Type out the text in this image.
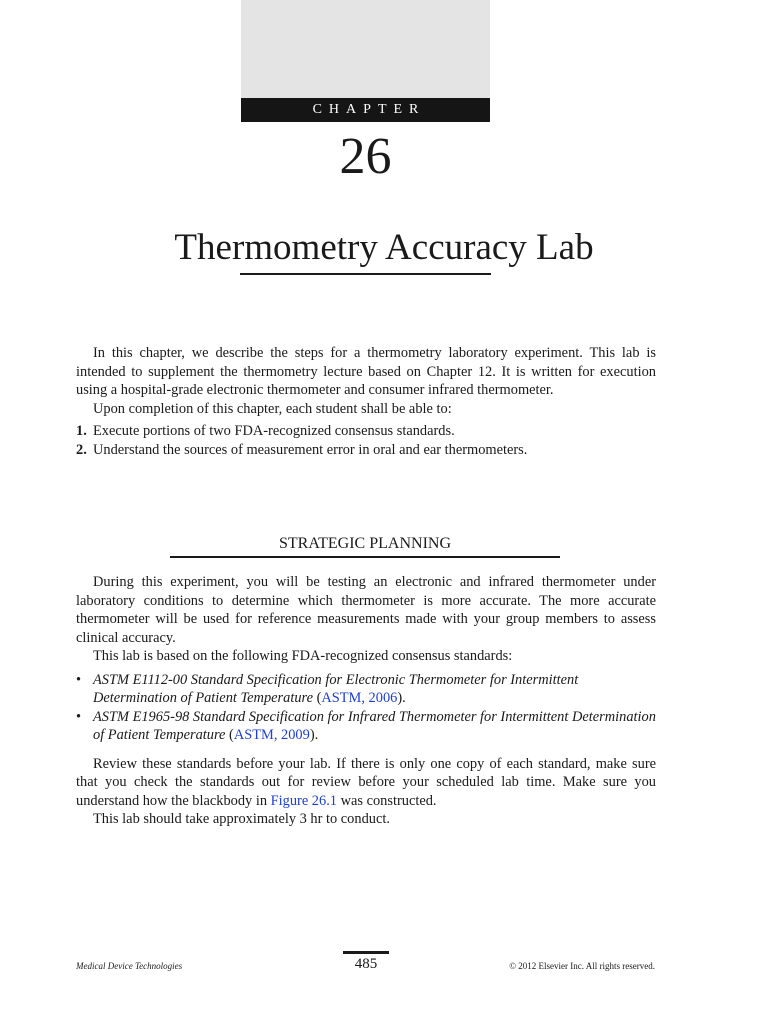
CHAPTER
26
Thermometry Accuracy Lab

In this chapter, we describe the steps for a thermometry laboratory experiment. This lab is intended to supplement the thermometry lecture based on Chapter 12. It is written for execution using a hospital-grade electronic thermometer and consumer infrared thermometer.

Upon completion of this chapter, each student shall be able to:

1. Execute portions of two FDA-recognized consensus standards.
2. Understand the sources of measurement error in oral and ear thermometers.
STRATEGIC PLANNING

During this experiment, you will be testing an electronic and infrared thermometer under laboratory conditions to determine which thermometer is more accurate. The more accurate thermometer will be used for reference measurements made with your group members to assess clinical accuracy.

This lab is based on the following FDA-recognized consensus standards:

• ASTM E1112-00 Standard Specification for Electronic Thermometer for Intermittent Determination of Patient Temperature (ASTM, 2006).
• ASTM E1965-98 Standard Specification for Infrared Thermometer for Intermittent Determination of Patient Temperature (ASTM, 2009).

Review these standards before your lab. If there is only one copy of each standard, make sure that you check the standards out for review before your scheduled lab time. Make sure you understand how the blackbody in Figure 26.1 was constructed.

This lab should take approximately 3 hr to conduct.

Medical Device Technologies	485	© 2012 Elsevier Inc. All rights reserved.
